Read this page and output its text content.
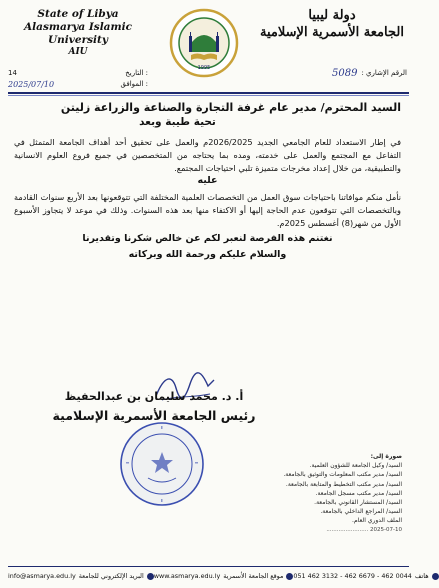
State of Libya
Alasmarya Islamic University
AIU
1995
دولة ليبيا
الجامعة الأسمرية الإسلامية
14	التاريخ :
2025/07/10	الموافق :
الرقم الإشاري :
5089
السيد المحترم/ مدير عام غرفة التجارة والصناعة والزراعة زليتن
تحية طيبة وبعد
في إطار الاستعداد للعام الجامعي الجديد 2026/2025م والعمل على تحقيق أحد أهداف الجامعة المتمثل في التفاعل مع المجتمع والعمل على خدمته، ومده بما يحتاجه من المتخصصين في جميع فروع العلوم الانسانية والتطبيقية، من خلال إعداد مخرجات متميزة تلبي احتياجات المجتمع.
عليه
نأمل منكم موافاتنا باحتياجات سوق العمل من التخصصات العلمية المختلفة التي تتوقعونها بعد الأربع سنوات القادمة وبالتخصصات التي تتوقعون عدم الحاجة إليها أو الاكتفاء منها بعد هذه السنوات. وذلك في موعد لا يتجاوز الأسبوع الأول من شهر(8) أغسطس 2025م.
نغتنم هذه الفرصة لنعبر لكم عن خالص شكرنا وتقديرنا
والسلام عليكم ورحمة الله وبركاته
أ. د. محمد سليمان بن عبدالحفيظ
رئيس الجامعة الأسمرية الإسلامية
صورة إلى:
السيد/ وكيل الجامعة للشؤون العلمية.
السيد/ مدير مكتب المعلومات والتوثيق بالجامعة.
السيد/ مدير مكتب التخطيط والمتابعة بالجامعة.
السيد/ مدير مكتب مسجل الجامعة.
السيد/ المستشار القانوني بالجامعة.
السيد/ المراجع الداخلي بالجامعة.
الملف الدوري العام.
2025-07-10 ........................
info@asmarya.edu.ly البريد الإلكتروني للجامعة www.asmarya.edu.ly موقع الجامعة الأسمرية 051 462 3132 - 462 6679 - 462 0044 هاتف
